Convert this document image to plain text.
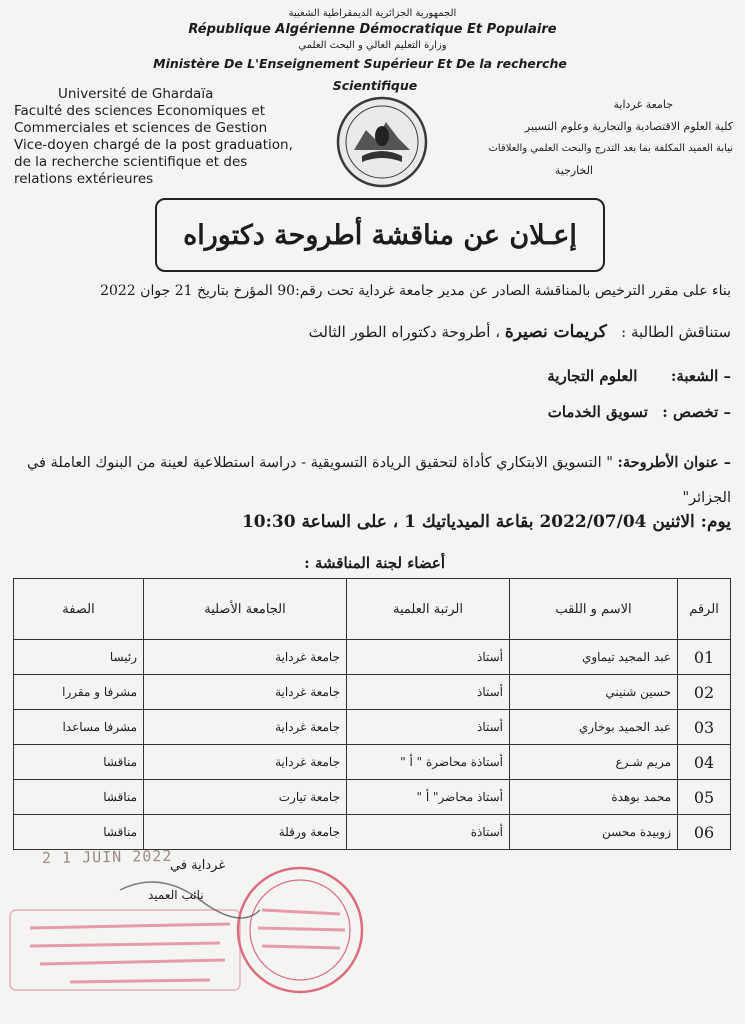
الجمهورية الجزائرية الديمقراطية الشعبية
République Algérienne Démocratique Et Populaire
وزارة التعليم العالي و البحث العلمي
Ministère De L'Enseignement Supérieur Et De la recherche
Scientifique
Université de Ghardaïa
Faculté des sciences Economiques et
Commerciales et sciences de Gestion
Vice-doyen chargé de la post graduation,
de la recherche scientifique et des
relations extérieures
جامعة غرداية
كلية العلوم الاقتصادية والتجارية وعلوم التسيير
نيابة العميد المكلفة بما بعد التدرج والبحث العلمي والعلاقات
الخارجية
إعـلان عن مناقشة أطروحة دكتوراه
بناء على مقرر الترخيص بالمناقشة الصادر عن مدير جامعة غرداية تحت رقم:90 المؤرخ بتاريخ 21 جوان 2022
ستناقش الطالبة :   كريمات نصيرة ، أطروحة دكتوراه الطور الثالث
– الشعبة:       العلوم التجارية
– تخصص :   تسويق الخدمات
– عنوان الأطروحة: " التسويق الابتكاري كأداة لتحقيق الريادة التسويقية - دراسة استطلاعية لعينة من البنوك العاملة في الجزائر"
يوم: الاثنين 2022/07/04 بقاعة الميدياتيك 1 ، على الساعة 10:30
أعضاء لجنة المناقشة :
الرقم	الاسم و اللقب	الرتبة العلمية	الجامعة الأصلية	الصفة
01	عبد المجيد تيماوي	أستاذ	جامعة غرداية	رئيسا
02	حسين شنيني	أستاذ	جامعة غرداية	مشرفا و مقررا
03	عبد الحميد بوخاري	أستاذ	جامعة غرداية	مشرفا مساعدا
04	مريم شـرع	أستاذة محاضرة " أ "	جامعة غرداية	مناقشا
05	محمد بوهدة	أستاذ محاضر" أ "	جامعة تيارت	مناقشا
06	زوبيدة محسن	أستاذة	جامعة ورقلة	مناقشا
2 1 JUIN 2022
غرداية في
نائب العميد
